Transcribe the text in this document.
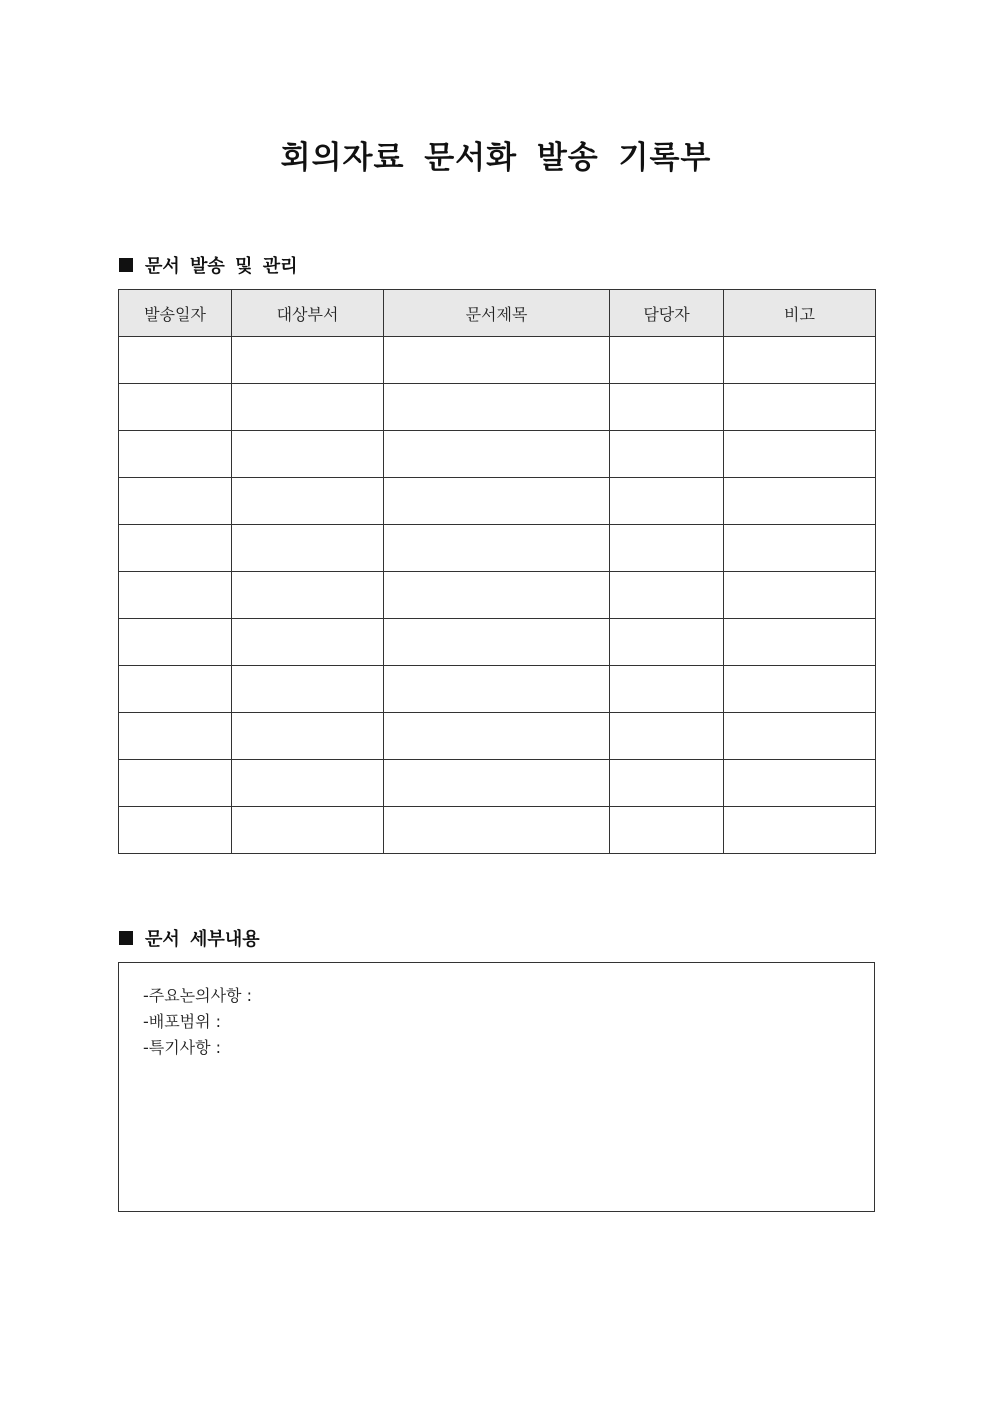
회의자료 문서화 발송 기록부
문서 발송 및 관리
발송일자	대상부서	문서제목	담당자	비고

문서 세부내용
-주요논의사항 :
-배포범위 :
-특기사항 :
